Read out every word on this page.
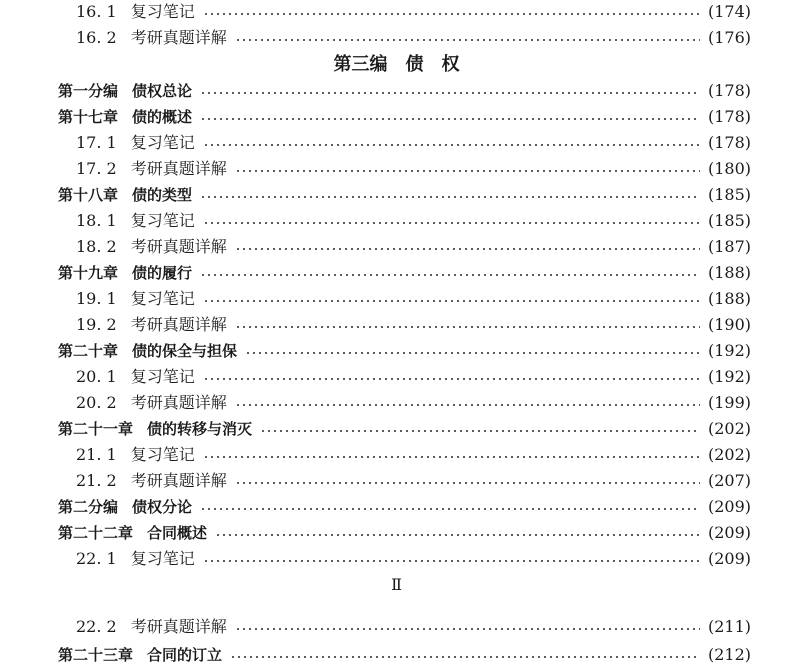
16. 1 复习笔记	(174)
16. 2 考研真题详解	(176)
第三编　债　权
第一分编 债权总论	(178)
第十七章 债的概述	(178)
17. 1 复习笔记	(178)
17. 2 考研真题详解	(180)
第十八章 债的类型	(185)
18. 1 复习笔记	(185)
18. 2 考研真题详解	(187)
第十九章 债的履行	(188)
19. 1 复习笔记	(188)
19. 2 考研真题详解	(190)
第二十章 债的保全与担保	(192)
20. 1 复习笔记	(192)
20. 2 考研真题详解	(199)
第二十一章 债的转移与消灭	(202)
21. 1 复习笔记	(202)
21. 2 考研真题详解	(207)
第二分编 债权分论	(209)
第二十二章 合同概述	(209)
22. 1 复习笔记	(209)
Ⅱ
22. 2 考研真题详解	(211)
第二十三章 合同的订立	(212)
